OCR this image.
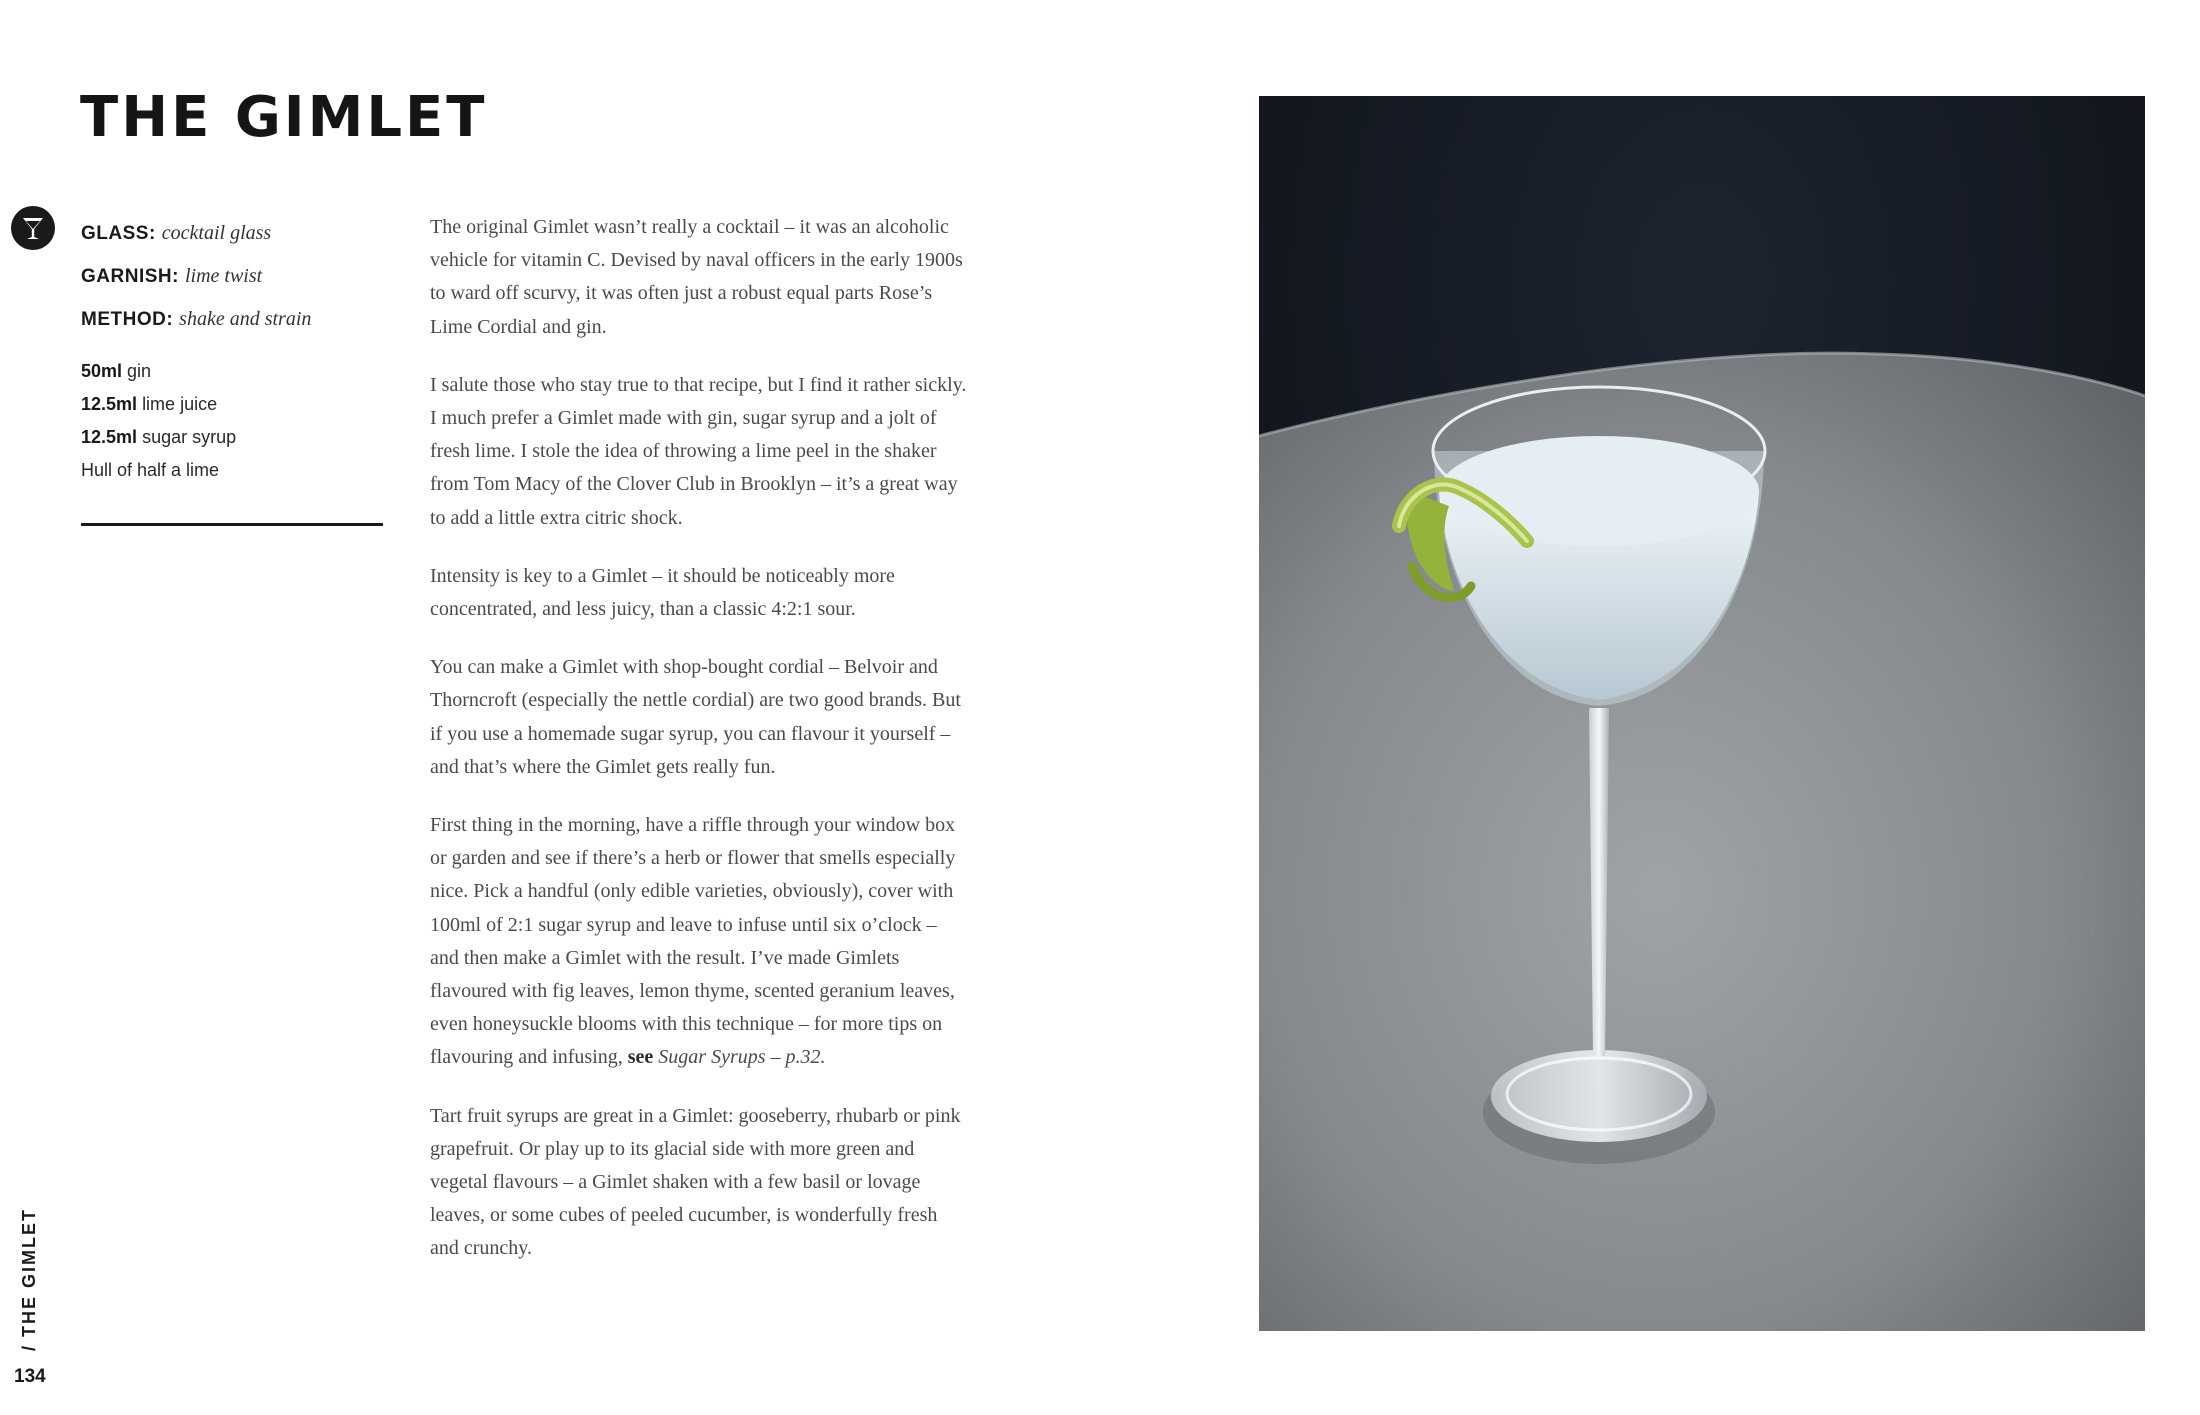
THE GIMLET
GLASS: cocktail glass
GARNISH: lime twist
METHOD: shake and strain
50ml gin
12.5ml lime juice
12.5ml sugar syrup
Hull of half a lime

The original Gimlet wasn’t really a cocktail – it was an alcoholic vehicle for vitamin C. Devised by naval officers in the early 1900s to ward off scurvy, it was often just a robust equal parts Rose’s Lime Cordial and gin.

I salute those who stay true to that recipe, but I find it rather sickly. I much prefer a Gimlet made with gin, sugar syrup and a jolt of fresh lime. I stole the idea of throwing a lime peel in the shaker from Tom Macy of the Clover Club in Brooklyn – it’s a great way to add a little extra citric shock.

Intensity is key to a Gimlet – it should be noticeably more concentrated, and less juicy, than a classic 4:2:1 sour.

You can make a Gimlet with shop-bought cordial – Belvoir and Thorncroft (especially the nettle cordial) are two good brands. But if you use a homemade sugar syrup, you can flavour it yourself – and that’s where the Gimlet gets really fun.

First thing in the morning, have a riffle through your window box or garden and see if there’s a herb or flower that smells especially nice. Pick a handful (only edible varieties, obviously), cover with 100ml of 2:1 sugar syrup and leave to infuse until six o’clock – and then make a Gimlet with the result. I’ve made Gimlets flavoured with fig leaves, lemon thyme, scented geranium leaves, even honeysuckle blooms with this technique – for more tips on flavouring and infusing, see Sugar Syrups – p.32.

Tart fruit syrups are great in a Gimlet: gooseberry, rhubarb or pink grapefruit. Or play up to its glacial side with more green and vegetal flavours – a Gimlet shaken with a few basil or lovage leaves, or some cubes of peeled cucumber, is wonderfully fresh and crunchy.

/ THE GIMLET
134
